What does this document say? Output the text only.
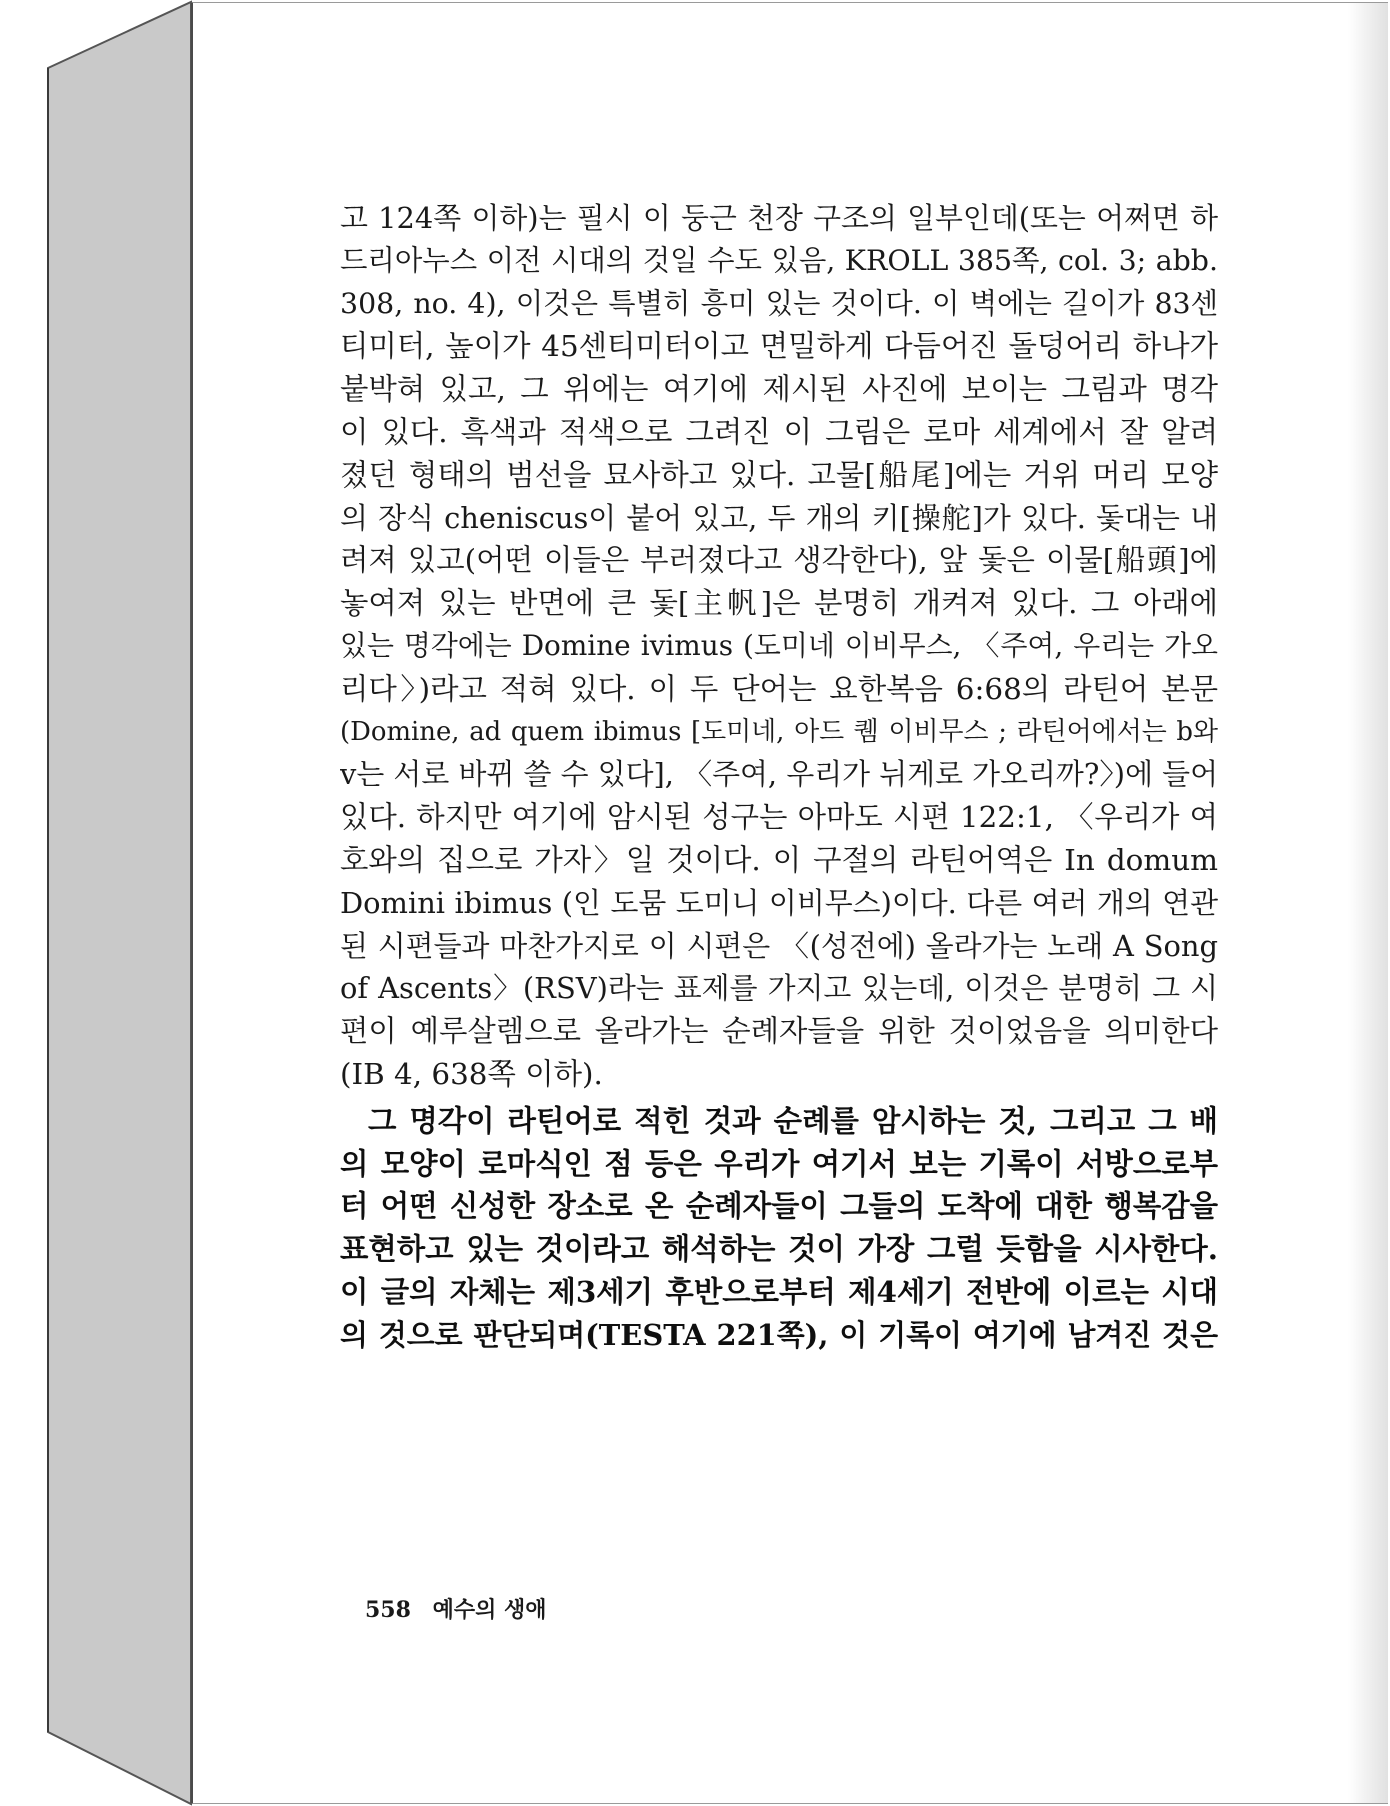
고 124쪽 이하)는 필시 이 둥근 천장 구조의 일부인데(또는 어쩌면 하
드리아누스 이전 시대의 것일 수도 있음, KROLL 385쪽, col. 3; abb.
308, no. 4), 이것은 특별히 흥미 있는 것이다. 이 벽에는 길이가 83센
티미터, 높이가 45센티미터이고 면밀하게 다듬어진 돌덩어리 하나가
붙박혀 있고, 그 위에는 여기에 제시된 사진에 보이는 그림과 명각
이 있다. 흑색과 적색으로 그려진 이 그림은 로마 세계에서 잘 알려
졌던 형태의 범선을 묘사하고 있다. 고물[船尾]에는 거위 머리 모양
의 장식 cheniscus이 붙어 있고, 두 개의 키[操舵]가 있다. 돛대는 내
려져 있고(어떤 이들은 부러졌다고 생각한다), 앞 돛은 이물[船頭]에
놓여져 있는 반면에 큰 돛[主帆]은 분명히 개켜져 있다. 그 아래에
있는 명각에는 Domine ivimus (도미네 이비무스, 〈주여, 우리는 가오
리다〉)라고 적혀 있다. 이 두 단어는 요한복음 6:68의 라틴어 본문
(Domine, ad quem ibimus [도미네, 아드 퀨 이비무스 ; 라틴어에서는 b와
v는 서로 바뀌 쓸 수 있다], 〈주여, 우리가 뉘게로 가오리까?〉)에 들어
있다. 하지만 여기에 암시된 성구는 아마도 시편 122:1, 〈우리가 여
호와의 집으로 가자〉일 것이다. 이 구절의 라틴어역은 In domum
Domini ibimus (인 도뭄 도미니 이비무스)이다. 다른 여러 개의 연관
된 시편들과 마찬가지로 이 시편은 〈(성전에) 올라가는 노래 A Song
of Ascents〉(RSV)라는 표제를 가지고 있는데, 이것은 분명히 그 시
편이 예루살렘으로 올라가는 순례자들을 위한 것이었음을 의미한다
(IB 4, 638쪽 이하).
그 명각이 라틴어로 적힌 것과 순례를 암시하는 것, 그리고 그 배
의 모양이 로마식인 점 등은 우리가 여기서 보는 기록이 서방으로부
터 어떤 신성한 장소로 온 순례자들이 그들의 도착에 대한 행복감을
표현하고 있는 것이라고 해석하는 것이 가장 그럴 듯함을 시사한다.
이 글의 자체는 제3세기 후반으로부터 제4세기 전반에 이르는 시대
의 것으로 판단되며(TESTA 221쪽), 이 기록이 여기에 남겨진 것은
558 예수의 생애
